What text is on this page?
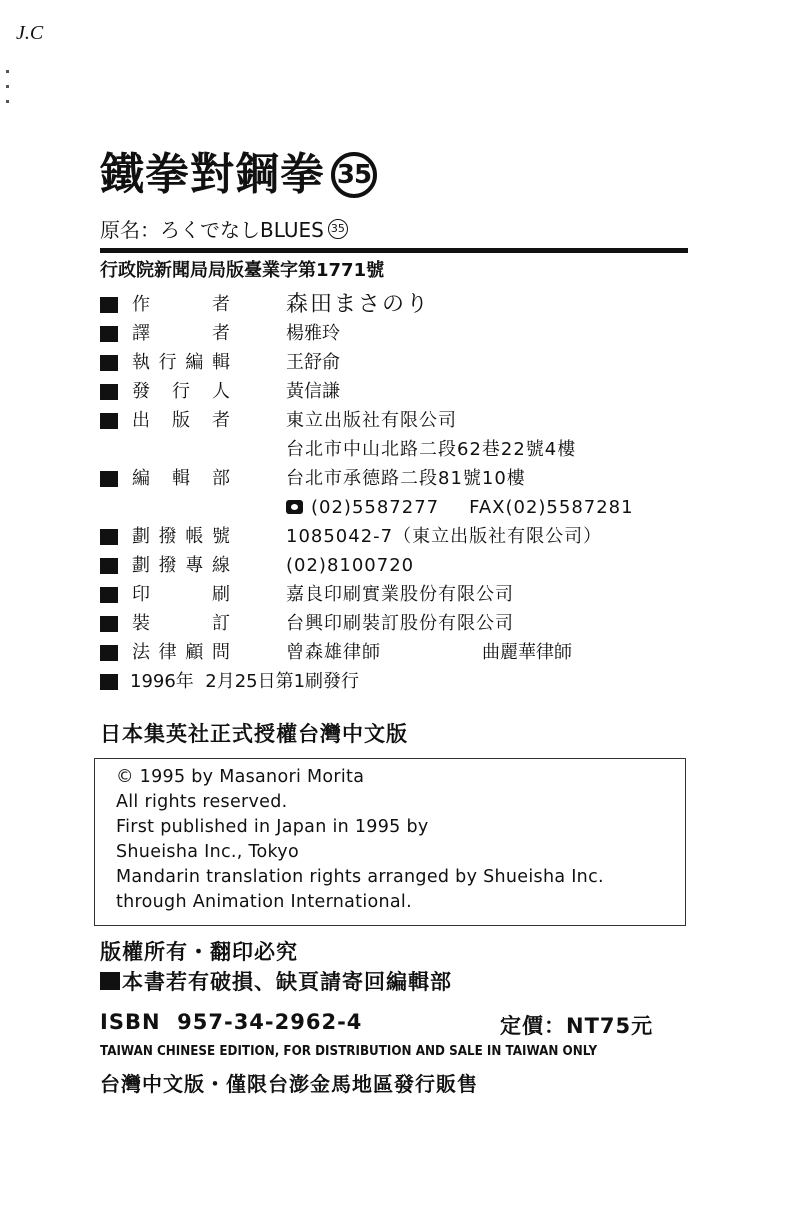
J.C
鐵拳對鋼拳 35
原名：ろくでなしBLUES 35
行政院新聞局局版臺業字第1771號
作	者	森田まさのり
譯	者	楊雅玲
執 行 編 輯	王舒俞
發 行 人	黃信謙
出 版 者	東立出版社有限公司
台北市中山北路二段62巷22號4樓
編 輯 部	台北市承德路二段81號10樓
(02)5587277 FAX(02)5587281
劃 撥 帳 號	1085042-7（東立出版社有限公司）
劃 撥 專 線	(02)8100720
印	刷	嘉良印刷實業股份有限公司
裝	訂	台興印刷裝訂股份有限公司
法 律 顧 問	曾森雄律師	曲麗華律師
1996年  2月25日第1刷發行
日本集英社正式授權台灣中文版
© 1995 by Masanori Morita
All rights reserved.
First published in Japan in 1995 by
Shueisha Inc., Tokyo
Mandarin translation rights arranged by Shueisha Inc.
through Animation International.
版權所有・翻印必究
本書若有破損、缺頁請寄回編輯部
ISBN  957-34-2962-4	定價：NT75元
TAIWAN CHINESE EDITION, FOR DISTRIBUTION AND SALE IN TAIWAN ONLY
台灣中文版・僅限台澎金馬地區發行販售
